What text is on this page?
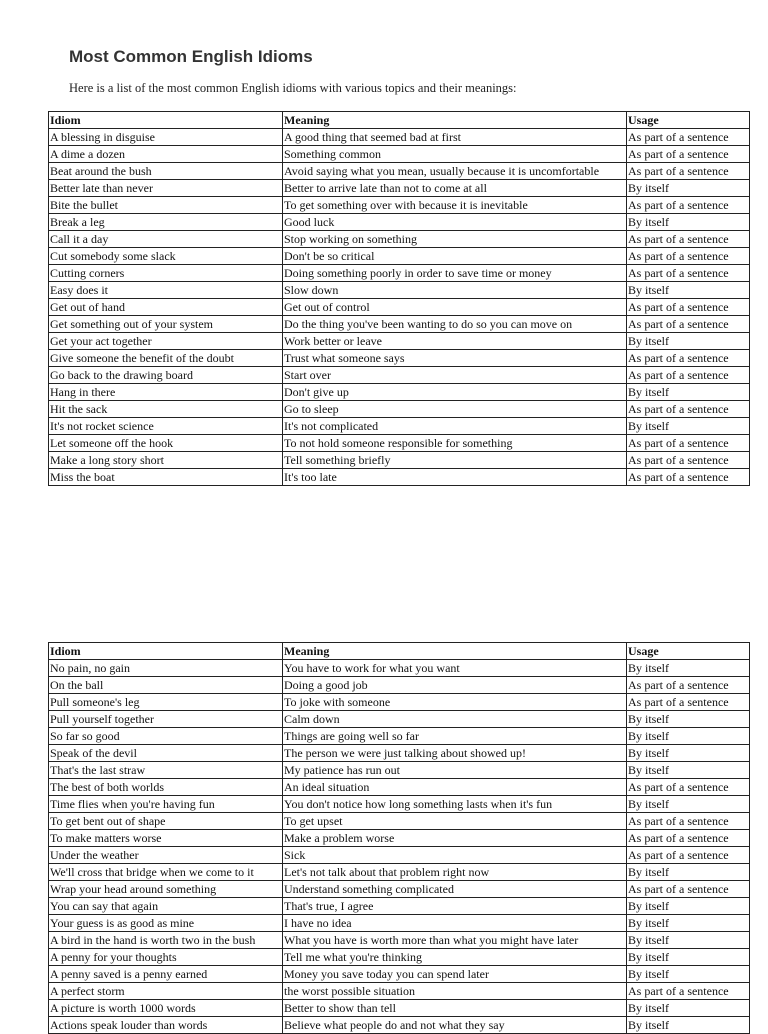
Most Common English Idioms

Here is a list of the most common English idioms with various topics and their meanings:

Idiom	Meaning	Usage
A blessing in disguise	A good thing that seemed bad at first	As part of a sentence
A dime a dozen	Something common	As part of a sentence
Beat around the bush	Avoid saying what you mean, usually because it is uncomfortable	As part of a sentence
Better late than never	Better to arrive late than not to come at all	By itself
Bite the bullet	To get something over with because it is inevitable	As part of a sentence
Break a leg	Good luck	By itself
Call it a day	Stop working on something	As part of a sentence
Cut somebody some slack	Don't be so critical	As part of a sentence
Cutting corners	Doing something poorly in order to save time or money	As part of a sentence
Easy does it	Slow down	By itself
Get out of hand	Get out of control	As part of a sentence
Get something out of your system	Do the thing you've been wanting to do so you can move on	As part of a sentence
Get your act together	Work better or leave	By itself
Give someone the benefit of the doubt	Trust what someone says	As part of a sentence
Go back to the drawing board	Start over	As part of a sentence
Hang in there	Don't give up	By itself
Hit the sack	Go to sleep	As part of a sentence
It's not rocket science	It's not complicated	By itself
Let someone off the hook	To not hold someone responsible for something	As part of a sentence
Make a long story short	Tell something briefly	As part of a sentence
Miss the boat	It's too late	As part of a sentence
Idiom	Meaning	Usage
No pain, no gain	You have to work for what you want	By itself
On the ball	Doing a good job	As part of a sentence
Pull someone's leg	To joke with someone	As part of a sentence
Pull yourself together	Calm down	By itself
So far so good	Things are going well so far	By itself
Speak of the devil	The person we were just talking about showed up!	By itself
That's the last straw	My patience has run out	By itself
The best of both worlds	An ideal situation	As part of a sentence
Time flies when you're having fun	You don't notice how long something lasts when it's fun	By itself
To get bent out of shape	To get upset	As part of a sentence
To make matters worse	Make a problem worse	As part of a sentence
Under the weather	Sick	As part of a sentence
We'll cross that bridge when we come to it	Let's not talk about that problem right now	By itself
Wrap your head around something	Understand something complicated	As part of a sentence
You can say that again	That's true, I agree	By itself
Your guess is as good as mine	I have no idea	By itself
A bird in the hand is worth two in the bush	What you have is worth more than what you might have later	By itself
A penny for your thoughts	Tell me what you're thinking	By itself
A penny saved is a penny earned	Money you save today you can spend later	By itself
A perfect storm	the worst possible situation	As part of a sentence
A picture is worth 1000 words	Better to show than tell	By itself
Actions speak louder than words	Believe what people do and not what they say	By itself
